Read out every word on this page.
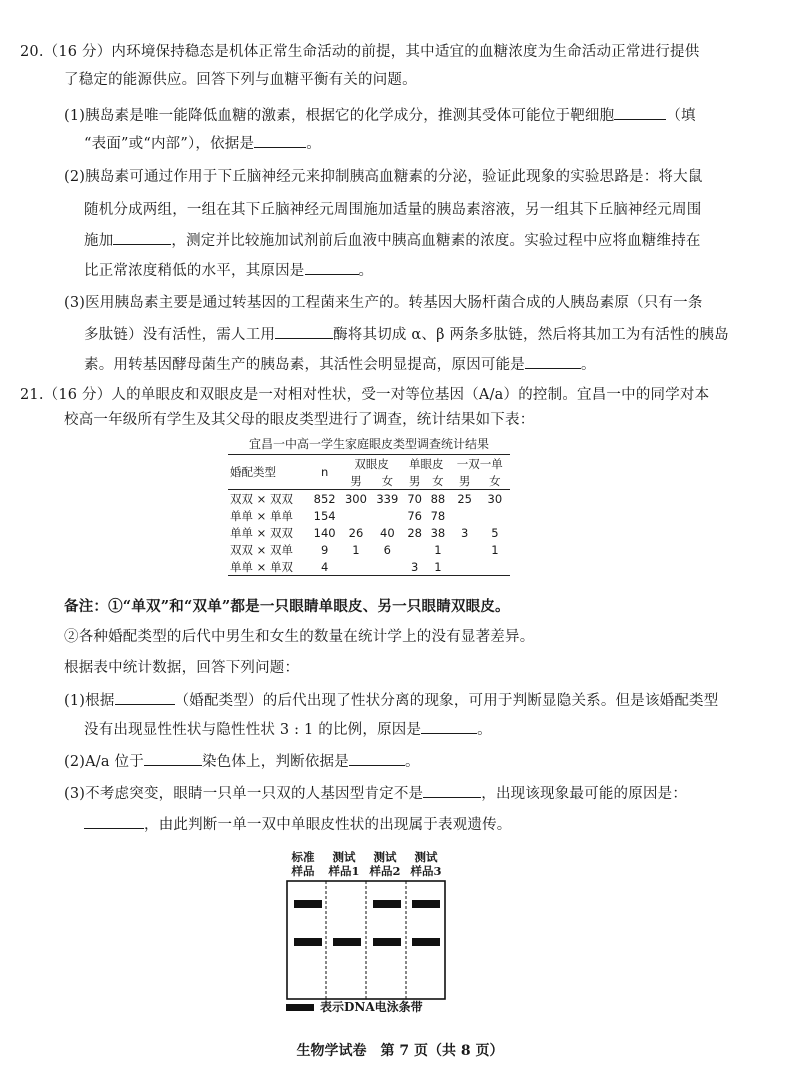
20.（16 分）内环境保持稳态是机体正常生命活动的前提，其中适宜的血糖浓度为生命活动正常进行提供
了稳定的能源供应。回答下列与血糖平衡有关的问题。
(1)胰岛素是唯一能降低血糖的激素，根据它的化学成分，推测其受体可能位于靶细胞	（填
“表面”或“内部”），依据是	。
(2)胰岛素可通过作用于下丘脑神经元来抑制胰高血糖素的分泌，验证此现象的实验思路是：将大鼠
随机分成两组，一组在其下丘脑神经元周围施加适量的胰岛素溶液，另一组其下丘脑神经元周围
施加	，测定并比较施加试剂前后血液中胰高血糖素的浓度。实验过程中应将血糖维持在
比正常浓度稍低的水平，其原因是	。
(3)医用胰岛素主要是通过转基因的工程菌来生产的。转基因大肠杆菌合成的人胰岛素原（只有一条
多肽链）没有活性，需人工用	酶将其切成 α、β 两条多肽链，然后将其加工为有活性的胰岛
素。用转基因酵母菌生产的胰岛素，其活性会明显提高，原因可能是	。
21.（16 分）人的单眼皮和双眼皮是一对相对性状，受一对等位基因（A/a）的控制。宜昌一中的同学对本
校高一年级所有学生及其父母的眼皮类型进行了调查，统计结果如下表：
宜昌一中高一学生家庭眼皮类型调查统计结果
婚配类型	n	双眼皮		单眼皮		一双一单	
		男	女	男	女	男	女
双双 × 双双	852	300	339	70	88	25	30
单单 × 单单	154			76	78		
单单 × 双双	140	26	40	28	38	3	5
双双 × 双单	9	1	6		1		1
单单 × 单双	4			3	1		
备注：①“单双”和“双单”都是一只眼睛单眼皮、另一只眼睛双眼皮。
②各种婚配类型的后代中男生和女生的数量在统计学上的没有显著差异。
根据表中统计数据，回答下列问题：
(1)根据	（婚配类型）的后代出现了性状分离的现象，可用于判断显隐关系。但是该婚配类型
没有出现显性性状与隐性性状 3 : 1 的比例，原因是	。
(2)A/a 位于	染色体上，判断依据是	。
(3)不考虑突变，眼睛一只单一只双的人基因型肯定不是	，出现该现象最可能的原因是：
，由此判断一单一双中单眼皮性状的出现属于表观遗传。
标准
样品
测试
样品1
测试
样品2
测试
样品3
表示DNA电泳条带
生物学试卷　第 7 页（共 8 页）
